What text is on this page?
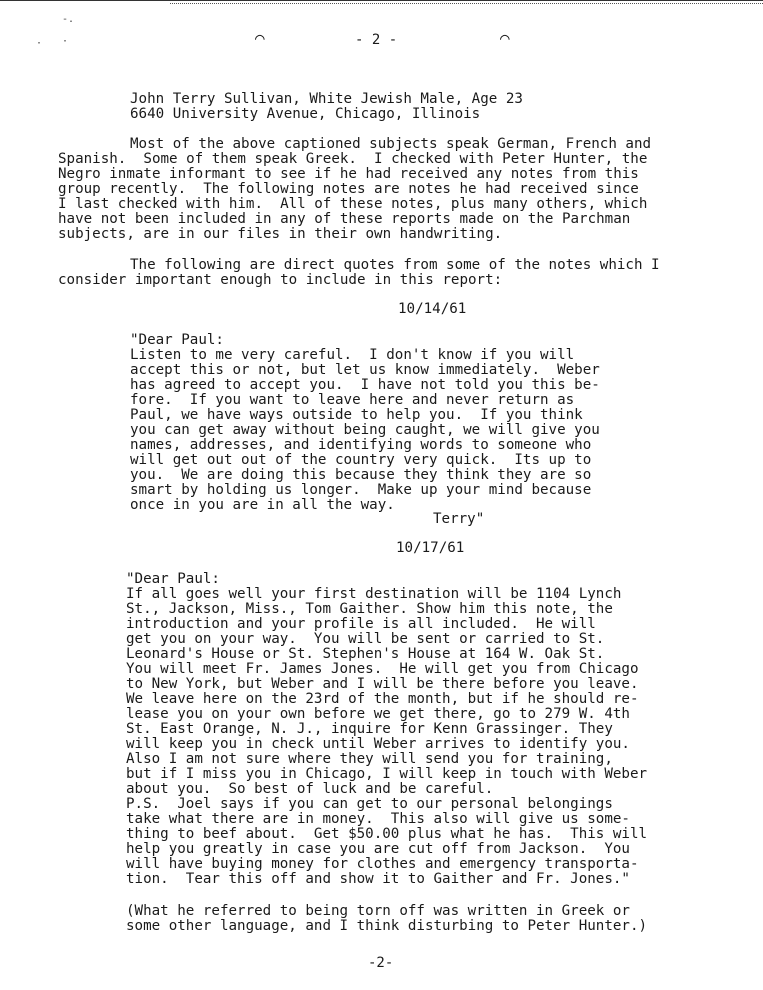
-.
· ·	⌒	⌒
- 2 -
John Terry Sullivan, White Jewish Male, Age 23
6640 University Avenue, Chicago, Illinois
Most of the above captioned subjects speak German, French and
Spanish.  Some of them speak Greek.  I checked with Peter Hunter, the
Negro inmate informant to see if he had received any notes from this
group recently.  The following notes are notes he had received since
I last checked with him.  All of these notes, plus many others, which
have not been included in any of these reports made on the Parchman
subjects, are in our files in their own handwriting.
The following are direct quotes from some of the notes which I
consider important enough to include in this report:
10/14/61
"Dear Paul:
Listen to me very careful.  I don't know if you will
accept this or not, but let us know immediately.  Weber
has agreed to accept you.  I have not told you this be-
fore.  If you want to leave here and never return as
Paul, we have ways outside to help you.  If you think
you can get away without being caught, we will give you
names, addresses, and identifying words to someone who
will get out out of the country very quick.  Its up to
you.  We are doing this because they think they are so
smart by holding us longer.  Make up your mind because
once in you are in all the way.
Terry"
10/17/61
"Dear Paul:
If all goes well your first destination will be 1104 Lynch
St., Jackson, Miss., Tom Gaither. Show him this note, the
introduction and your profile is all included.  He will
get you on your way.  You will be sent or carried to St.
Leonard's House or St. Stephen's House at 164 W. Oak St.
You will meet Fr. James Jones.  He will get you from Chicago
to New York, but Weber and I will be there before you leave.
We leave here on the 23rd of the month, but if he should re-
lease you on your own before we get there, go to 279 W. 4th
St. East Orange, N. J., inquire for Kenn Grassinger. They
will keep you in check until Weber arrives to identify you.
Also I am not sure where they will send you for training,
but if I miss you in Chicago, I will keep in touch with Weber
about you.  So best of luck and be careful.
P.S.  Joel says if you can get to our personal belongings
take what there are in money.  This also will give us some-
thing to beef about.  Get $50.00 plus what he has.  This will
help you greatly in case you are cut off from Jackson.  You
will have buying money for clothes and emergency transporta-
tion.  Tear this off and show it to Gaither and Fr. Jones."
(What he referred to being torn off was written in Greek or
some other language, and I think disturbing to Peter Hunter.)
-2-
